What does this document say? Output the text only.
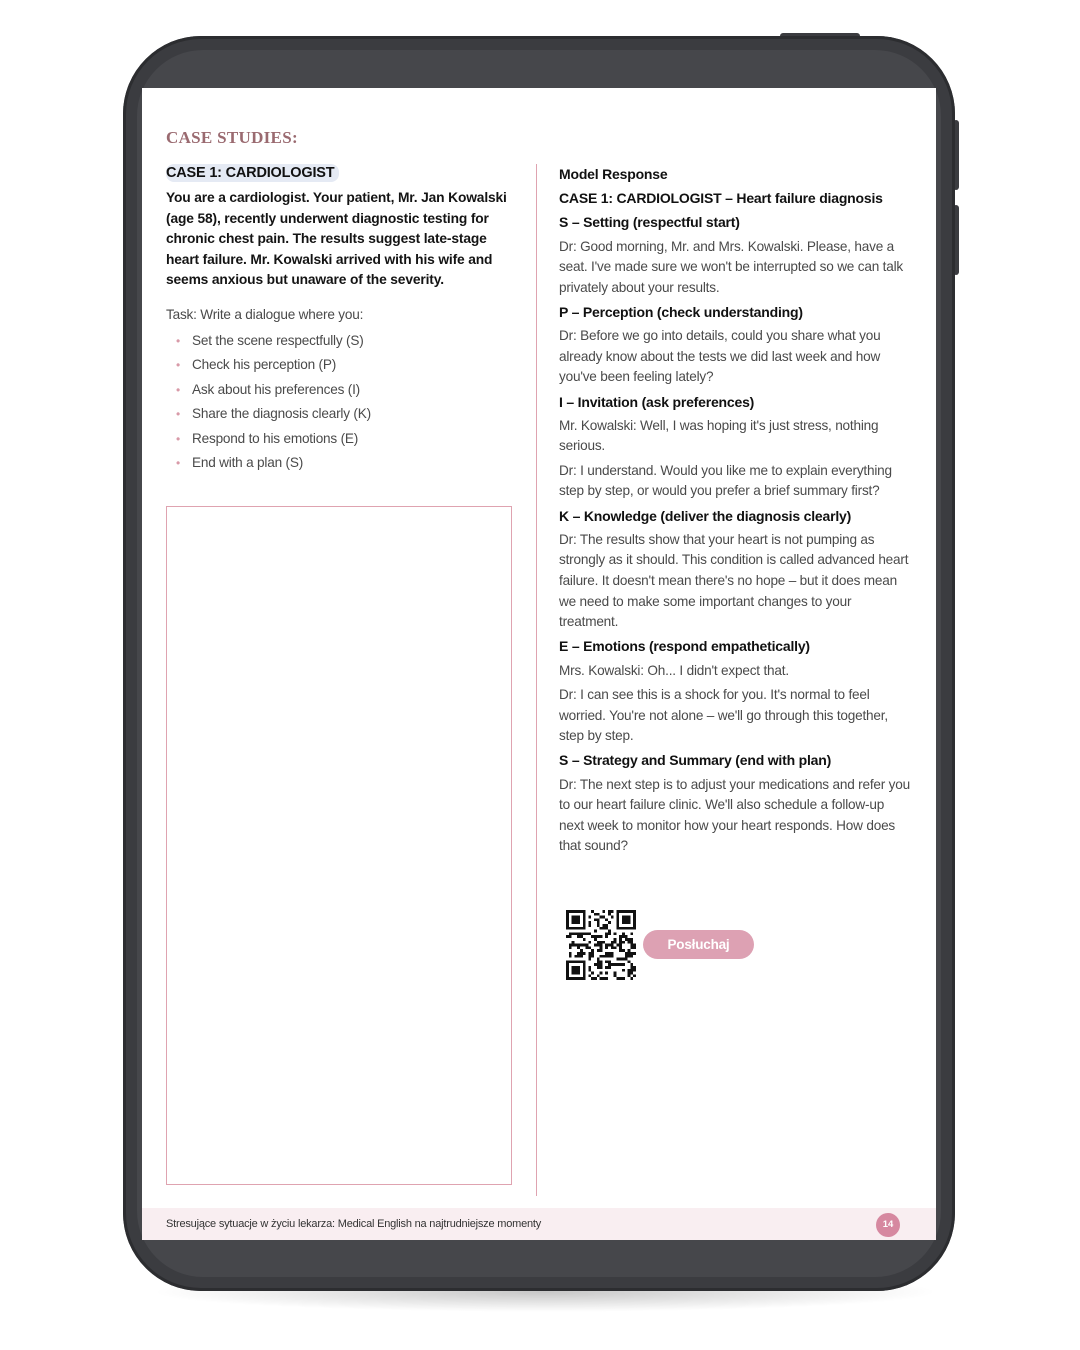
CASE STUDIES:
CASE 1: CARDIOLOGIST
You are a cardiologist. Your patient, Mr. Jan Kowalski (age 58), recently underwent diagnostic testing for chronic chest pain. The results suggest late-stage heart failure. Mr. Kowalski arrived with his wife and seems anxious but unaware of the severity.
Task: Write a dialogue where you:
• Set the scene respectfully (S)
• Check his perception (P)
• Ask about his preferences (I)
• Share the diagnosis clearly (K)
• Respond to his emotions (E)
• End with a plan (S)
Model Response
CASE 1: CARDIOLOGIST – Heart failure diagnosis
S – Setting (respectful start)
Dr: Good morning, Mr. and Mrs. Kowalski. Please, have a seat. I've made sure we won't be interrupted so we can talk privately about your results.
P – Perception (check understanding)
Dr: Before we go into details, could you share what you already know about the tests we did last week and how you've been feeling lately?
I – Invitation (ask preferences)
Mr. Kowalski: Well, I was hoping it's just stress, nothing serious.
Dr: I understand. Would you like me to explain everything step by step, or would you prefer a brief summary first?
K – Knowledge (deliver the diagnosis clearly)
Dr: The results show that your heart is not pumping as strongly as it should. This condition is called advanced heart failure. It doesn't mean there's no hope – but it does mean we need to make some important changes to your treatment.
E – Emotions (respond empathetically)
Mrs. Kowalski: Oh... I didn't expect that.
Dr: I can see this is a shock for you. It's normal to feel worried. You're not alone – we'll go through this together, step by step.
S – Strategy and Summary (end with plan)
Dr: The next step is to adjust your medications and refer you to our heart failure clinic. We'll also schedule a follow-up next week to monitor how your heart responds. How does that sound?
Posłuchaj
Stresujące sytuacje w życiu lekarza: Medical English na najtrudniejsze momenty	14
